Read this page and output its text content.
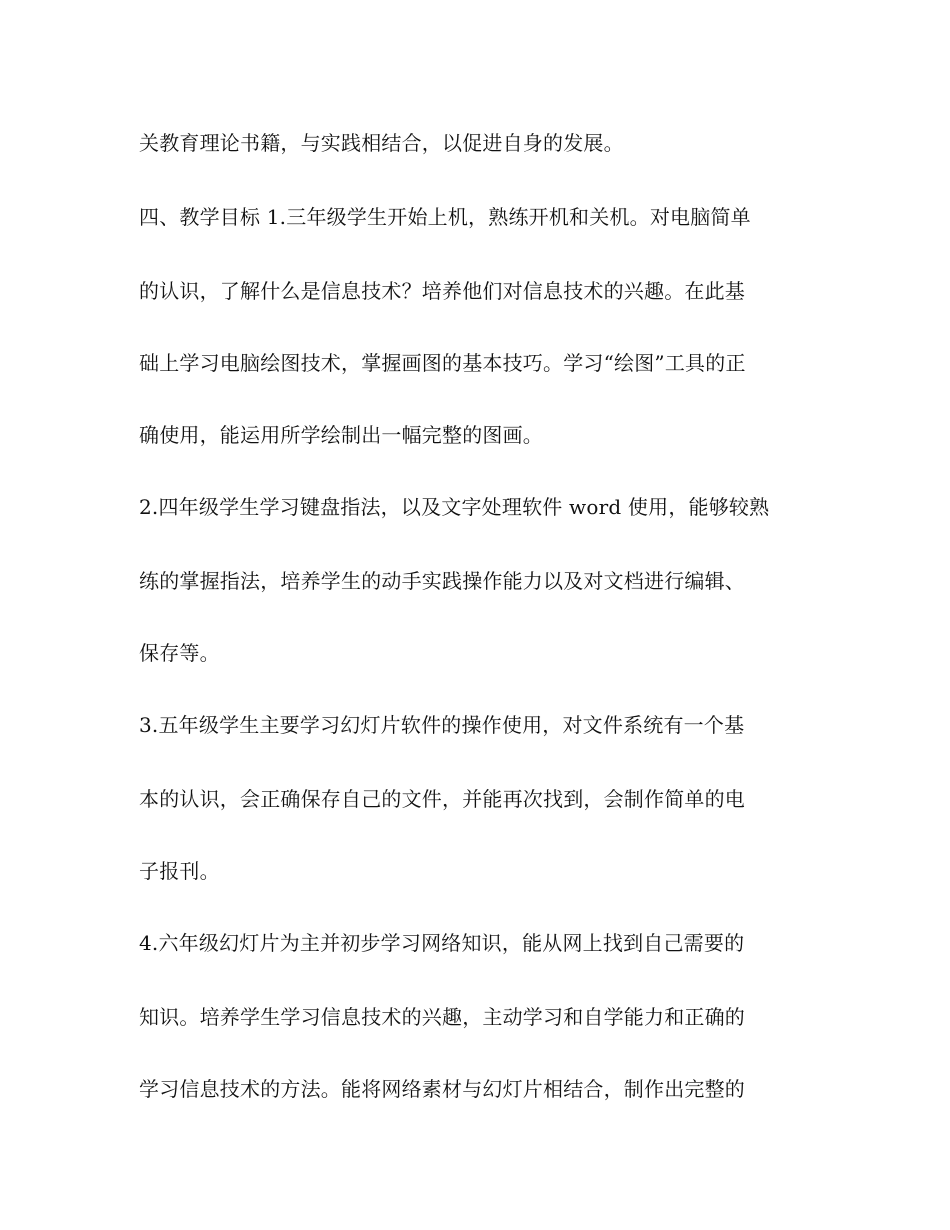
关教育理论书籍，与实践相结合，以促进自身的发展。
四、教学目标 1.三年级学生开始上机，熟练开机和关机。对电脑简单
的认识，了解什么是信息技术？培养他们对信息技术的兴趣。在此基
础上学习电脑绘图技术，掌握画图的基本技巧。学习“绘图”工具的正
确使用，能运用所学绘制出一幅完整的图画。
2.四年级学生学习键盘指法，以及文字处理软件 word 使用，能够较熟
练的掌握指法，培养学生的动手实践操作能力以及对文档进行编辑、
保存等。
3.五年级学生主要学习幻灯片软件的操作使用，对文件系统有一个基
本的认识，会正确保存自己的文件，并能再次找到，会制作简单的电
子报刊。
4.六年级幻灯片为主并初步学习网络知识，能从网上找到自己需要的
知识。培养学生学习信息技术的兴趣，主动学习和自学能力和正确的
学习信息技术的方法。能将网络素材与幻灯片相结合，制作出完整的
